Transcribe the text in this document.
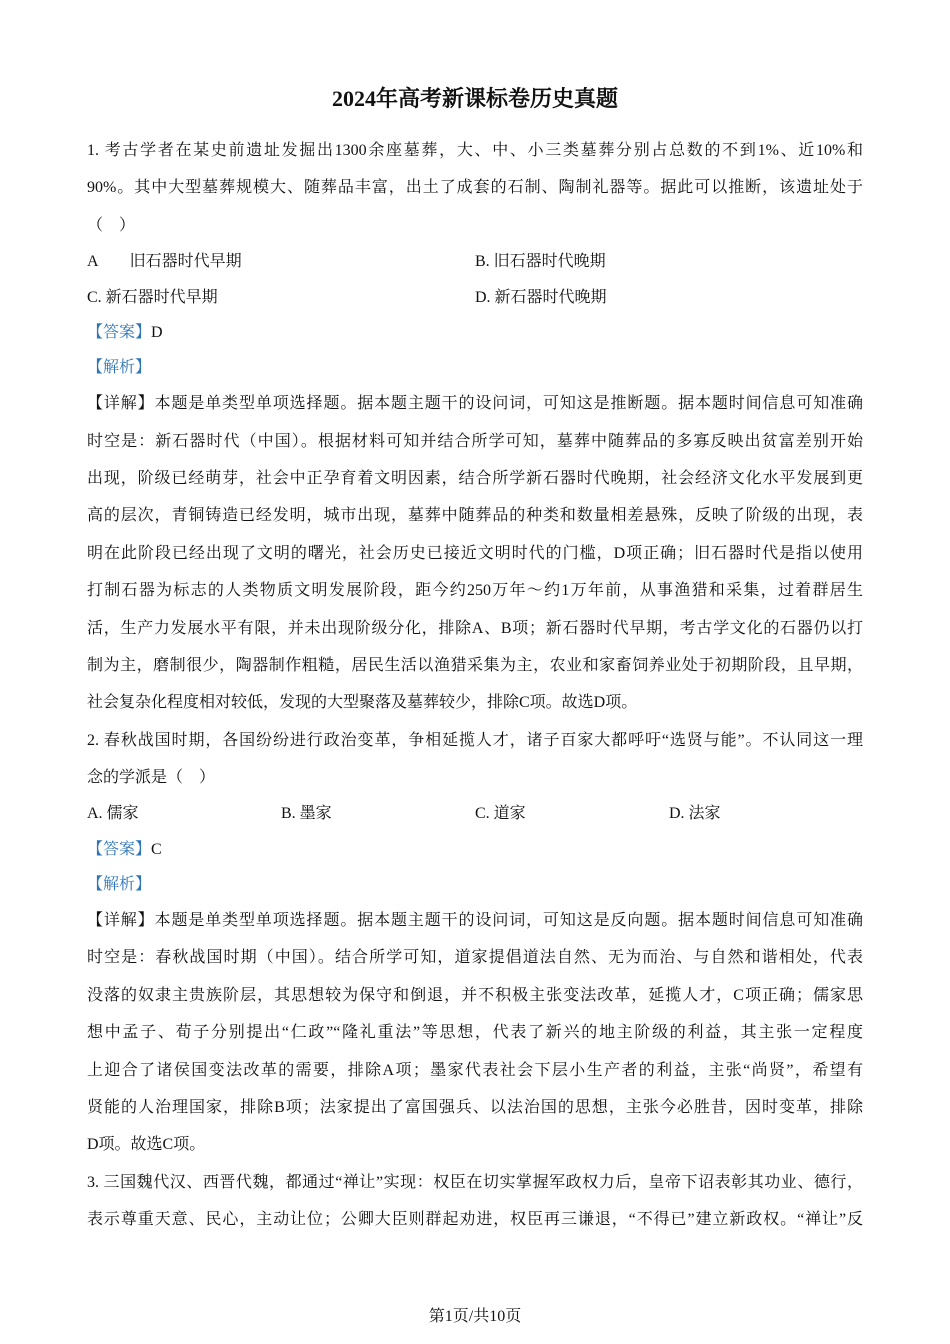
2024年高考新课标卷历史真题
1. 考古学者在某史前遗址发掘出1300余座墓葬，大、中、小三类墓葬分别占总数的不到1%、近10%和
90%。其中大型墓葬规模大、随葬品丰富，出土了成套的石制、陶制礼器等。据此可以推断，该遗址处于
（　）
A　　旧石器时代早期	B. 旧石器时代晚期
C. 新石器时代早期	D. 新石器时代晚期
【答案】D
【解析】
【详解】本题是单类型单项选择题。据本题主题干的设问词，可知这是推断题。据本题时间信息可知准确
时空是：新石器时代（中国）。根据材料可知并结合所学可知，墓葬中随葬品的多寡反映出贫富差别开始
出现，阶级已经萌芽，社会中正孕育着文明因素，结合所学新石器时代晚期，社会经济文化水平发展到更
高的层次，青铜铸造已经发明，城市出现，墓葬中随葬品的种类和数量相差悬殊，反映了阶级的出现，表
明在此阶段已经出现了文明的曙光，社会历史已接近文明时代的门槛，D项正确；旧石器时代是指以使用
打制石器为标志的人类物质文明发展阶段，距今约250万年～约1万年前，从事渔猎和采集，过着群居生
活，生产力发展水平有限，并未出现阶级分化，排除A、B项；新石器时代早期，考古学文化的石器仍以打
制为主，磨制很少，陶器制作粗糙，居民生活以渔猎采集为主，农业和家畜饲养业处于初期阶段，且早期，
社会复杂化程度相对较低，发现的大型聚落及墓葬较少，排除C项。故选D项。
2. 春秋战国时期，各国纷纷进行政治变革，争相延揽人才，诸子百家大都呼吁“选贤与能”。不认同这一理
念的学派是（　）
A. 儒家	B. 墨家	C. 道家	D. 法家
【答案】C
【解析】
【详解】本题是单类型单项选择题。据本题主题干的设问词，可知这是反向题。据本题时间信息可知准确
时空是：春秋战国时期（中国）。结合所学可知，道家提倡道法自然、无为而治、与自然和谐相处，代表
没落的奴隶主贵族阶层，其思想较为保守和倒退，并不积极主张变法改革，延揽人才，C项正确；儒家思
想中孟子、荀子分别提出“仁政”“隆礼重法”等思想，代表了新兴的地主阶级的利益，其主张一定程度
上迎合了诸侯国变法改革的需要，排除A项；墨家代表社会下层小生产者的利益，主张“尚贤”，希望有
贤能的人治理国家，排除B项；法家提出了富国强兵、以法治国的思想，主张今必胜昔，因时变革，排除
D项。故选C项。
3. 三国魏代汉、西晋代魏，都通过“禅让”实现：权臣在切实掌握军政权力后，皇帝下诏表彰其功业、德行，
表示尊重天意、民心，主动让位；公卿大臣则群起劝进，权臣再三谦退，“不得已”建立新政权。“禅让”反
第1页/共10页
